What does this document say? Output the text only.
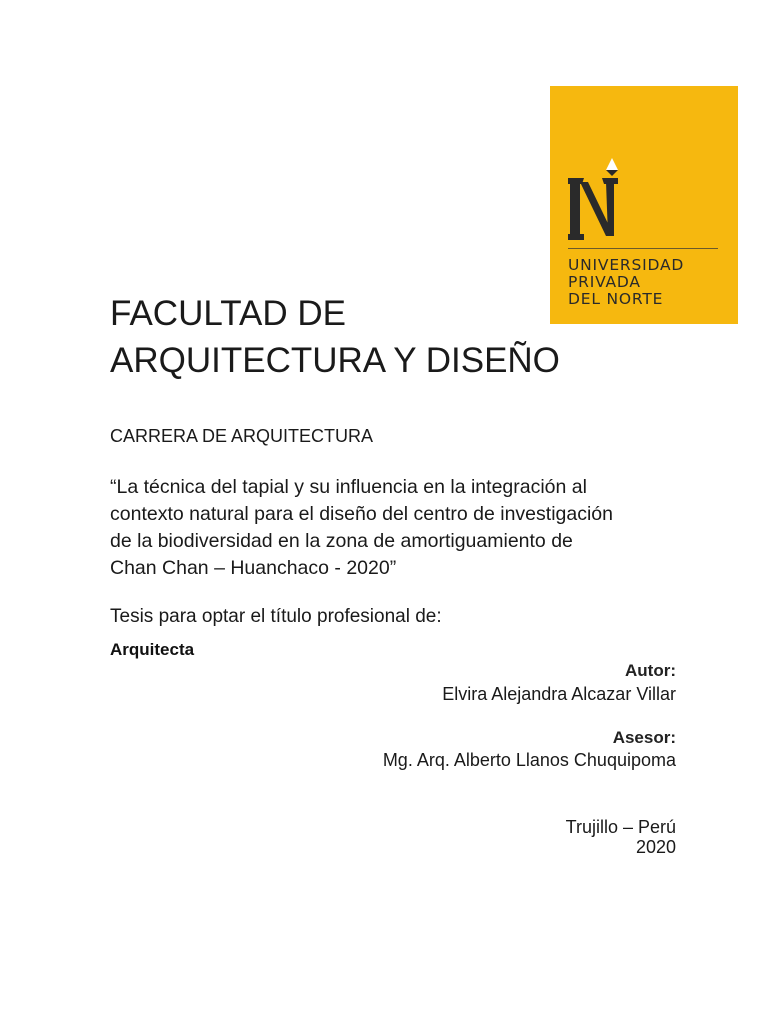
UNIVERSIDAD
PRIVADA
DEL NORTE
FACULTAD DE
ARQUITECTURA Y DISEÑO

CARRERA DE ARQUITECTURA

“La técnica del tapial y su influencia en la integración al
contexto natural para el diseño del centro de investigación
de la biodiversidad en la zona de amortiguamiento de
Chan Chan – Huanchaco - 2020”

Tesis para optar el título profesional de:

Arquitecta

Autor:
Elvira Alejandra Alcazar Villar
Asesor:
Mg. Arq. Alberto Llanos Chuquipoma
Trujillo – Perú
2020
